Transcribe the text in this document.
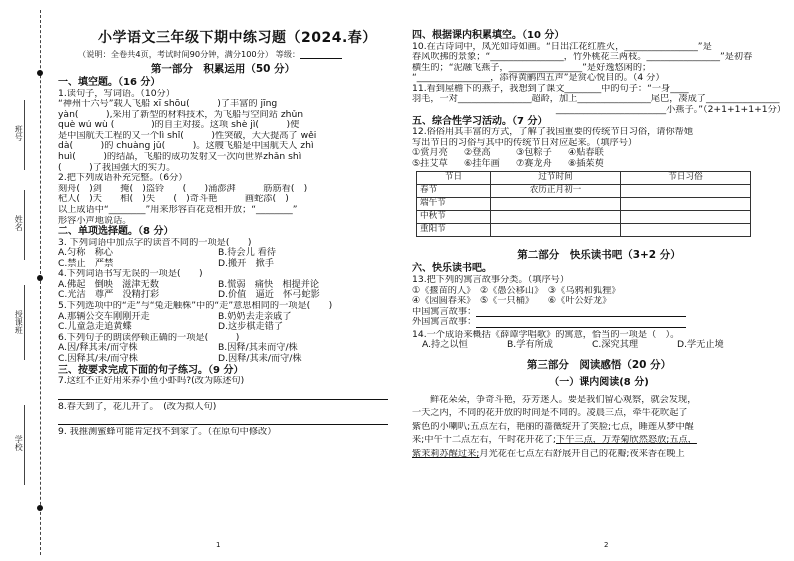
班号
姓名
授课班
学校
小学语文三年级下期中练习题（2024.春）
（说明：全卷共4页，考试时间90分钟，满分100分） 等级：
第一部分　积累运用（50 分）
一、填空题。（16 分）

1.读句子，写词语。（10分）

“神州十六号”载人飞船 xī shōu(　　　)了丰富的 jīng

yàn(　　　),采用了新型的材料技术，为飞船与空间站 zhǔn

què wú wù (　　　　)的自主对接。这项 shè jì(　　　)使

是中国航天工程的又一个lì shǐ(　　　)性突破，大大提高了 wěi

dà(　　　)的 chuàng jǔ(　　　)。这艘飞船是中国航天人 zhì

huì(　　　)的结晶，飞船的成功发射又一次向世界zhǎn shì

(　　　)了我国强大的实力。

2.把下列成语补充完整。（6分）

刻舟(　)剑　　掩(　)盗铃　　(　　)涌澎湃　　　筋筋看(　)

杞人(　)天　　相(　)失　　(　)奇斗艳　　　画蛇添(　)

以上成语中“________”用来形容百花竞相开放；“________”

形容小声地说话。

二、单项选择题。（8 分）

3. 下列词语中加点字的读音不同的一项是(　　)

A.匀称　称心	B.待会儿 看待
C.禁止　严禁	D.搬开　掀手

4.下列词语书写无误的一项是(　　)

A.佛起　倒映　滋津无数	B.慌弱　痛快　相提并论
C.光洁　尊严　没精打彩	D.价值　逼近　怀弓蛇影

5.下列选项中的“走”与“兔走触株”中的“走”意思相同的一项是(　　)

A.那辆公交车刚刚开走	B.奶奶去走亲戚了
C.儿童急走追黄蝶	D.这步棋走错了

6.下列句子的朗读停顿正确的一项是(　　　)

A.因/释其耒/而守株	B.因释/其耒而守/株
C.因释其/耒/而守株	D.因释/其耒/而守/株
三、按要求完成下面的句子练习。（9 分）

7.这红不正好用来养小鱼小虾吗?(改为陈述句)

8.春天到了，花儿开了。　(改为拟人句)

9. 我推测蜜蜂可能肯定找不到家了。（在原句中修改）

1
四、根据课内积累填空。（10 分）

10.在古诗词中，凤光如诗如画。“日出江花红胜火，________________”是

春风吹拂的景象；“________________，竹外桃花三两枝。________________”是初春

横生的；“泥融飞燕子，________________”是好逸悠闲的；

“________________，添得黄鹂四五声”是赏心悦目的。（4 分）

11.看到屋檐下的燕子，我想到了课文________中的句子：“一身____

羽毛，一对________________超龄，加上________________尾巴，凑成了________________

________________________小燕子。”（2+1+1+1+1分）

五、综合性学习活动。（7 分）

12.俗俗用其丰富的方式，了解了我国重要的传统节日习俗，请你帮她

写出节日的习俗与其中的传统节日对应起来。（填序号）

①赏月亮	②登高	③包粽子	④贴春联
⑤拄艾草	⑥挂年画	⑦赛龙舟	⑧插茱萸
节日	过节时间	节日习俗
春节	农历正月初一	
端午节		
中秋节		
重阳节		
第二部分　快乐读书吧（3+2 分）
六、快乐读书吧。

13.把下列的寓言故事分类。（填序号）

①《揠苗的人》　②《愚公移山》　③《乌鸦和狐狸》

④《园圆春来》　⑤《一只桶》　　⑥《叶公好龙》

中国寓言故事：

外国寓言故事：

14.一个成语来概括《薛谭学唱歌》的寓意，恰当的一项是（　）。

A.持之以恒	B.学有所成	C.深究其理	D.学无止境
第三部分　阅读感悟（20 分）
（一）课内阅读(8 分)

鲜花朵朵，争奇斗艳，芬芳迷人。要是我们留心观察，就会发现，

一天之内，不同的花开放的时间是不同的。凌晨三点，牵牛花吹起了

紫色的小喇叭;五点左右，艳丽的蔷薇绽开了笑脸;七点，睡莲从梦中醒

来;中午十二点左右，午时花开花了;下午三点，万寿菊欣然怒放;五点，

紫茉莉苏醒过来;月光花在七点左右舒展开自己的花瓣;夜来香在晚上

2
